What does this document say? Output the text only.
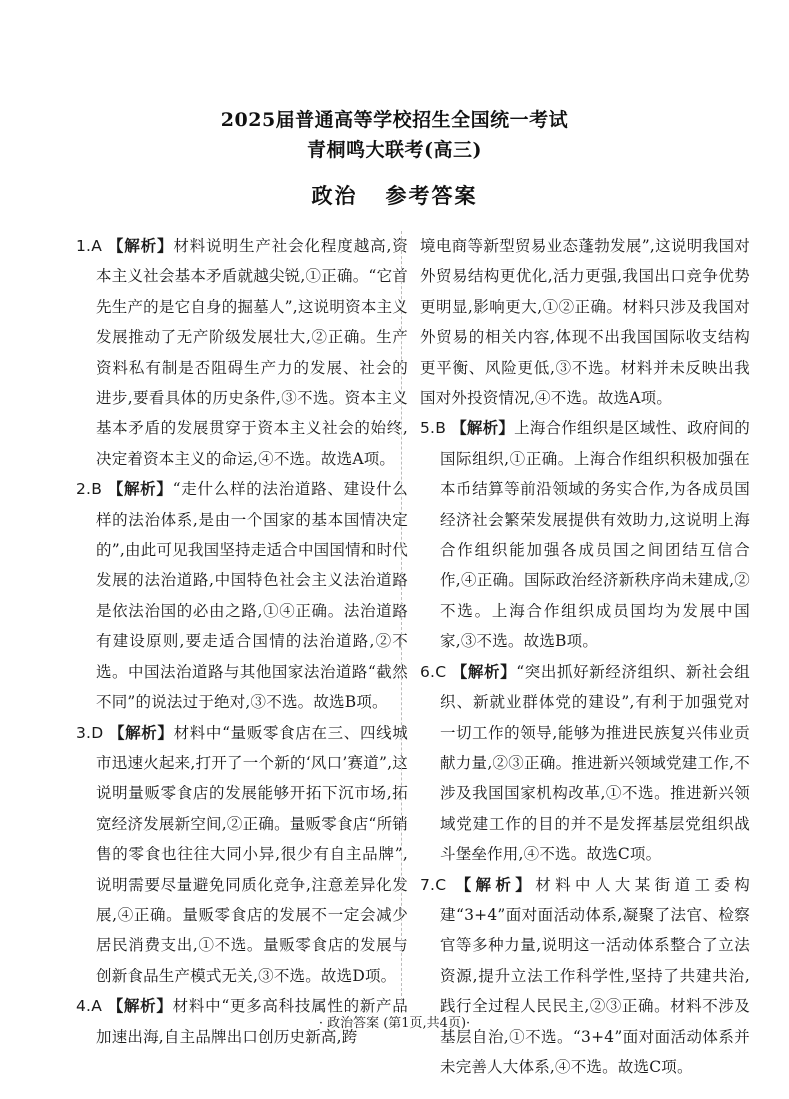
2025届普通高等学校招生全国统一考试
青桐鸣大联考(高三)
政治 参考答案

1.A 【解析】材料说明生产社会化程度越高,资本主义社会基本矛盾就越尖锐,①正确。“它首先生产的是它自身的掘墓人”,这说明资本主义发展推动了无产阶级发展壮大,②正确。生产资料私有制是否阻碍生产力的发展、社会的进步,要看具体的历史条件,③不选。资本主义基本矛盾的发展贯穿于资本主义社会的始终,决定着资本主义的命运,④不选。故选A项。

2.B 【解析】“走什么样的法治道路、建设什么样的法治体系,是由一个国家的基本国情决定的”,由此可见我国坚持走适合中国国情和时代发展的法治道路,中国特色社会主义法治道路是依法治国的必由之路,①④正确。法治道路有建设原则,要走适合国情的法治道路,②不选。中国法治道路与其他国家法治道路“截然不同”的说法过于绝对,③不选。故选B项。

3.D 【解析】材料中“量贩零食店在三、四线城市迅速火起来,打开了一个新的‘风口’赛道”,这说明量贩零食店的发展能够开拓下沉市场,拓宽经济发展新空间,②正确。量贩零食店“所销售的零食也往往大同小异,很少有自主品牌”,说明需要尽量避免同质化竞争,注意差异化发展,④正确。量贩零食店的发展不一定会减少居民消费支出,①不选。量贩零食店的发展与创新食品生产模式无关,③不选。故选D项。

4.A 【解析】材料中“更多高科技属性的新产品加速出海,自主品牌出口创历史新高,跨

境电商等新型贸易业态蓬勃发展”,这说明我国对外贸易结构更优化,活力更强,我国出口竞争优势更明显,影响更大,①②正确。材料只涉及我国对外贸易的相关内容,体现不出我国国际收支结构更平衡、风险更低,③不选。材料并未反映出我国对外投资情况,④不选。故选A项。

5.B 【解析】上海合作组织是区域性、政府间的国际组织,①正确。上海合作组织积极加强在本币结算等前沿领域的务实合作,为各成员国经济社会繁荣发展提供有效助力,这说明上海合作组织能加强各成员国之间团结互信合作,④正确。国际政治经济新秩序尚未建成,②不选。上海合作组织成员国均为发展中国家,③不选。故选B项。

6.C 【解析】“突出抓好新经济组织、新社会组织、新就业群体党的建设”,有利于加强党对一切工作的领导,能够为推进民族复兴伟业贡献力量,②③正确。推进新兴领域党建工作,不涉及我国国家机构改革,①不选。推进新兴领域党建工作的目的并不是发挥基层党组织战斗堡垒作用,④不选。故选C项。

7.C 【解析】材料中人大某街道工委构建“3+4”面对面活动体系,凝聚了法官、检察官等多种力量,说明这一活动体系整合了立法资源,提升立法工作科学性,坚持了共建共治,践行全过程人民民主,②③正确。材料不涉及基层自治,①不选。“3+4”面对面活动体系并未完善人大体系,④不选。故选C项。

· 政治答案 (第1页,共4页)·
